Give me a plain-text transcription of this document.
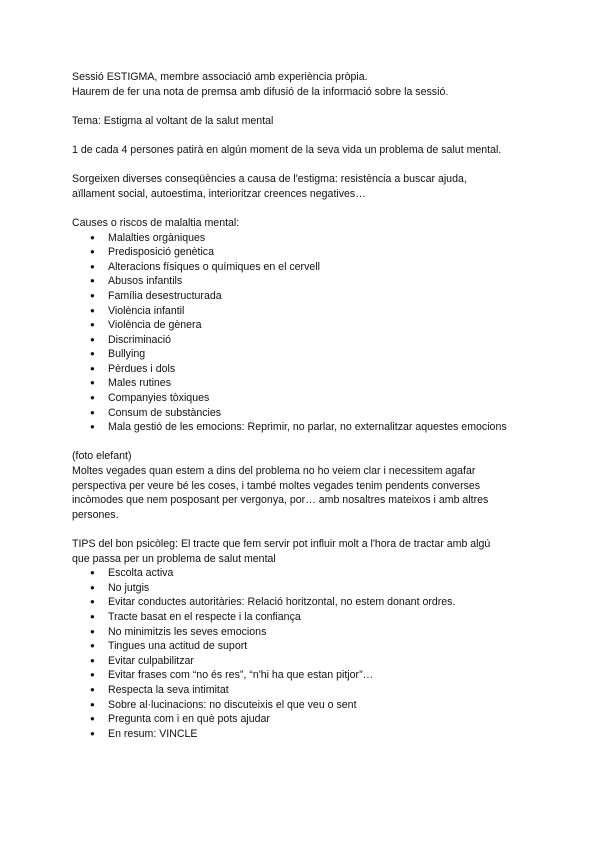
Sessió ESTIGMA, membre associació amb experiència pròpia.

Haurem de fer una nota de premsa amb difusió de la informació sobre la sessió.

Tema: Estigma al voltant de la salut mental

1 de cada 4 persones patirà en algún moment de la seva vida un problema de salut mental.

Sorgeixen diverses conseqüències a causa de l'estigma: resistència a buscar ajuda,

aïllament social, autoestima, interioritzar creences negatives…

Causes o riscos de malaltia mental:

● Malalties orgàniques
● Predisposició genètica
● Alteracions físiques o químiques en el cervell
● Abusos infantils
● Família desestructurada
● Violència infantil
● Violència de gènera
● Discriminació
● Bullying
● Pèrdues i dols
● Males rutines
● Companyies tòxiques
● Consum de substàncies
● Mala gestió de les emocions: Reprimir, no parlar, no externalitzar aquestes emocions

(foto elefant)

Moltes vegades quan estem a dins del problema no ho veiem clar i necessitem agafar

perspectiva per veure bé les coses, i també moltes vegades tenim pendents converses

incòmodes que nem posposant per vergonya, por… amb nosaltres mateixos i amb altres

persones.

TIPS del bon psicòleg: El tracte que fem servir pot influir molt a l'hora de tractar amb algú

que passa per un problema de salut mental

● Escolta activa
● No jutgis
● Evitar conductes autoritàries: Relació horitzontal, no estem donant ordres.
● Tracte basat en el respecte i la confiança
● No minimitzis les seves emocions
● Tingues una actitud de suport
● Evitar culpabilitzar
● Evitar frases com “no és res”, “n'hi ha que estan pitjor”…
● Respecta la seva intimitat
● Sobre al·lucinacions: no discuteixis el que veu o sent
● Pregunta com i en què pots ajudar
● En resum: VINCLE
